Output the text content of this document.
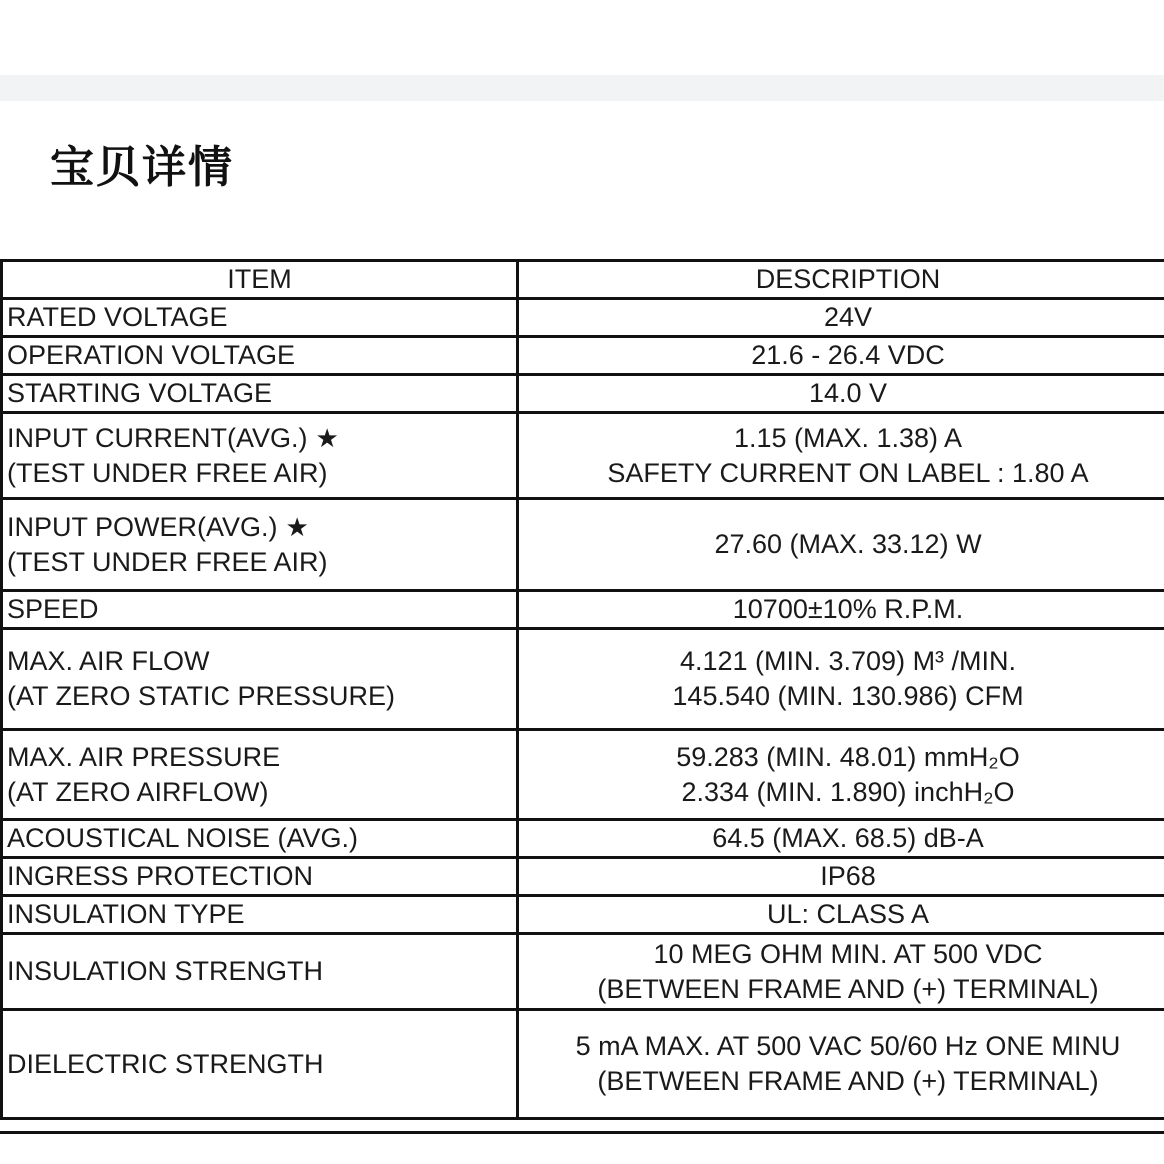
宝贝详情
ITEM	DESCRIPTION

RATED VOLTAGE	24V

OPERATION VOLTAGE	21.6 - 26.4 VDC

STARTING VOLTAGE	14.0 V

INPUT CURRENT(AVG.) ★
(TEST UNDER FREE AIR)	1.15 (MAX. 1.38) A
SAFETY CURRENT ON LABEL : 1.80 A

INPUT POWER(AVG.) ★
(TEST UNDER FREE AIR)	27.60 (MAX. 33.12) W

SPEED	10700±10% R.P.M.

MAX. AIR FLOW
(AT ZERO STATIC PRESSURE)	4.121 (MIN. 3.709) M³ /MIN.
145.540 (MIN. 130.986) CFM

MAX. AIR PRESSURE
(AT ZERO AIRFLOW)	59.283 (MIN. 48.01) mmH₂O
2.334 (MIN. 1.890) inchH₂O

ACOUSTICAL NOISE (AVG.)	64.5 (MAX. 68.5) dB-A

INGRESS PROTECTION	IP68

INSULATION TYPE	UL: CLASS A

INSULATION STRENGTH	10 MEG OHM MIN. AT 500 VDC
(BETWEEN FRAME AND (+) TERMINAL)

DIELECTRIC STRENGTH	5 mA MAX. AT 500 VAC 50/60 Hz ONE MINU
(BETWEEN FRAME AND (+) TERMINAL)
